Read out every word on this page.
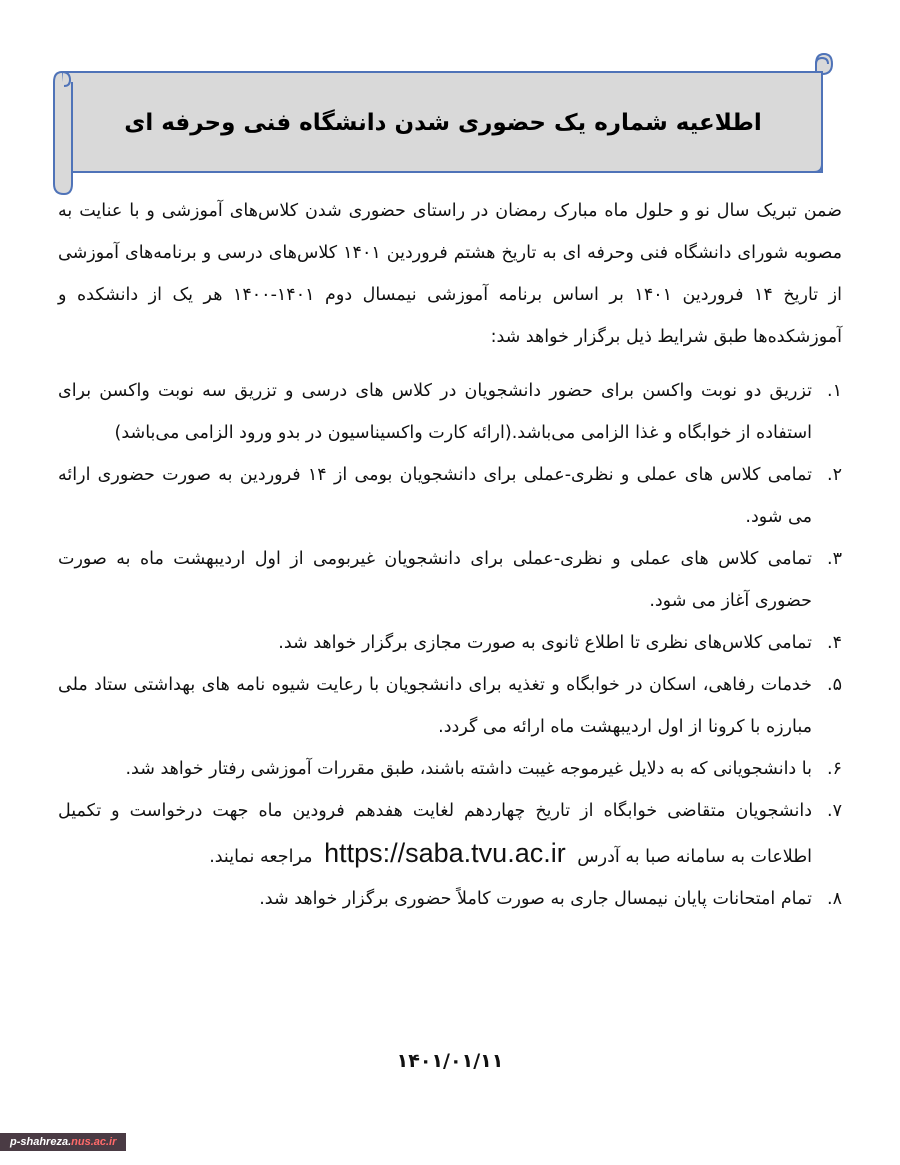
اطلاعیه شماره یک حضوری شدن دانشگاه فنی وحرفه ای

ضمن تبریک سال نو و حلول ماه مبارک رمضان در راستای حضوری شدن کلاس‌های آموزشی و با عنایت به مصوبه شورای دانشگاه فنی وحرفه ای به تاریخ هشتم فروردین ۱۴۰۱ کلاس‌های درسی و برنامه‌های آموزشی از تاریخ ۱۴ فروردین ۱۴۰۱ بر اساس برنامه آموزشی نیمسال دوم ۱۴۰۱-۱۴۰۰ هر یک از دانشکده و آموزشکده‌ها طبق شرایط ذیل برگزار خواهد شد:

۱.
تزریق دو نوبت واکسن برای حضور دانشجویان در کلاس های درسی و تزریق سه نوبت واکسن برای استفاده از خوابگاه و غذا الزامی می‌باشد.(ارائه کارت واکسیناسیون در بدو ورود الزامی می‌باشد)
۲.
تمامی کلاس های عملی و نظری-عملی برای دانشجویان بومی از ۱۴ فروردین به صورت حضوری ارائه می شود.
۳.
تمامی کلاس های عملی و نظری-عملی برای دانشجویان غیربومی از اول اردیبهشت ماه به صورت حضوری آغاز می شود.
۴.
تمامی کلاس‌های نظری تا اطلاع ثانوی به صورت مجازی برگزار خواهد شد.
۵.
خدمات رفاهی، اسکان در خوابگاه و تغذیه برای دانشجویان با رعایت شیوه نامه های بهداشتی ستاد ملی مبارزه با کرونا از اول اردیبهشت ماه ارائه می گردد.
۶.
با دانشجویانی که به دلایل غیرموجه غیبت داشته باشند، طبق مقررات آموزشی رفتار خواهد شد.
۷.
دانشجویان متقاضی خوابگاه از تاریخ چهاردهم لغایت هفدهم فرودین ماه جهت درخواست و تکمیل اطلاعات به سامانه صبا به آدرس https://saba.tvu.ac.ir مراجعه نمایند.
۸.
تمام امتحانات پایان نیمسال جاری به صورت کاملاً حضوری برگزار خواهد شد.
۱۴۰۱/۰۱/۱۱
p-shahreza.nus.ac.ir
